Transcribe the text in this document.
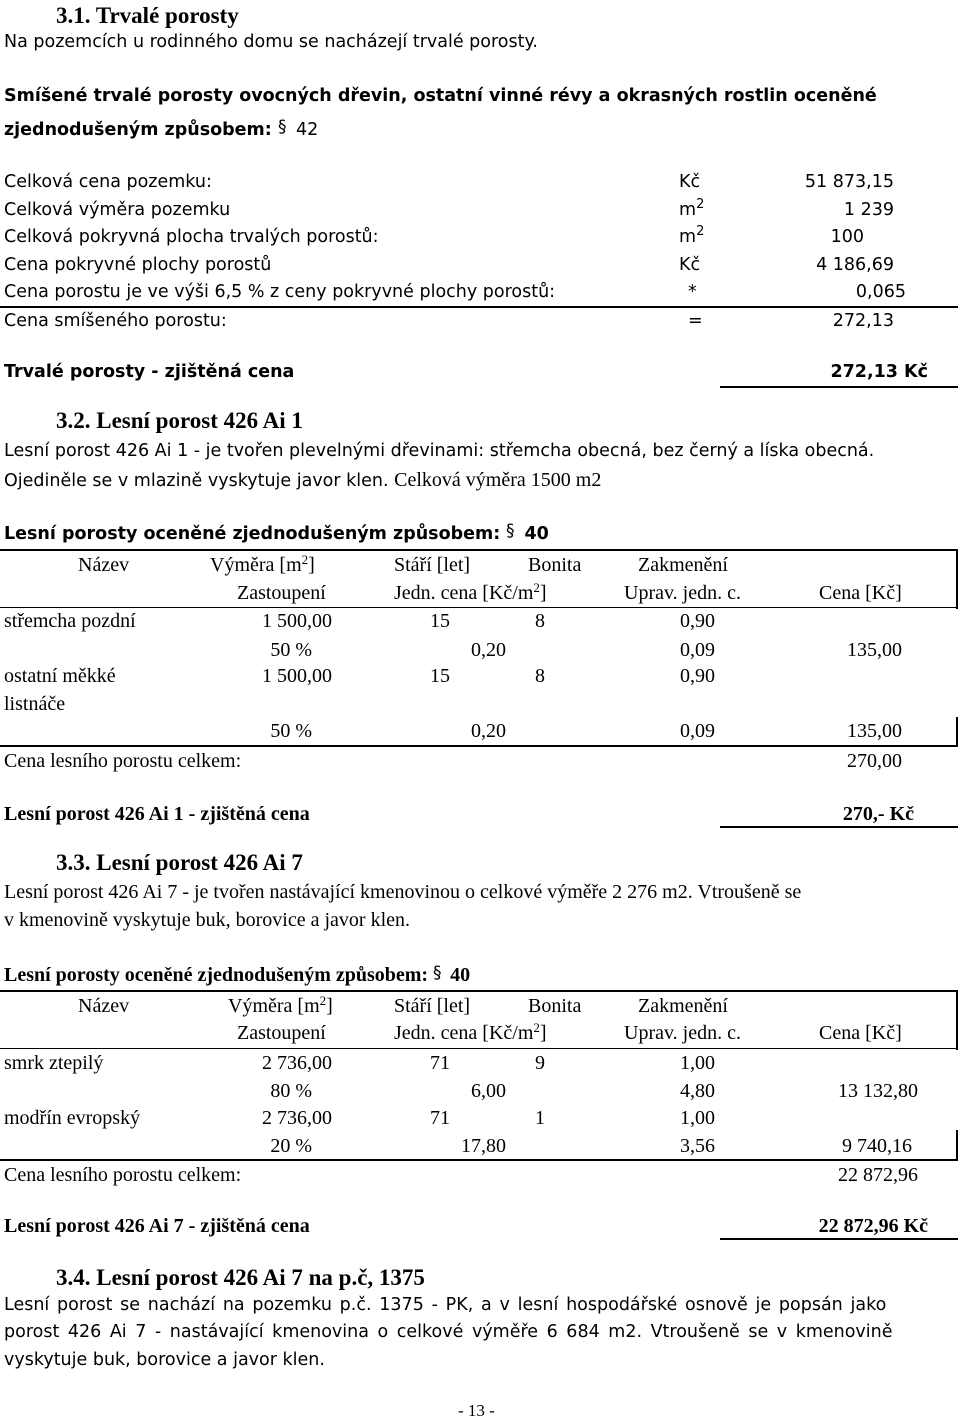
3.1. Trvalé porosty
Na pozemcích u rodinného domu se nacházejí trvalé porosty.
Smíšené trvalé porosty ovocných dřevin, ostatní vinné révy a okrasných rostlin oceněné
zjednodušeným způsobem: § 42
Celková cena pozemku:	Kč	51 873,15
Celková výměra pozemku	$m^2$	1 239
Celková pokryvná plocha trvalých porostů:	$m^2$	100
Cena pokryvné plochy porostů	Kč	4 186,69
Cena porostu je ve výši 6,5 % z ceny pokryvné plochy porostů:	*	0,065
Cena smíšeného porostu:	=	272,13
Trvalé porosty - zjištěná cena	272,13 Kč
3.2. Lesní porost 426 Ai 1
Lesní porost 426 Ai 1 - je tvořen plevelnými dřevinami: střemcha obecná, bez černý a líska obecná.
Ojediněle se v mlazině vyskytuje javor klen. Celková výměra 1500 m2
Lesní porosty oceněné zjednodušeným způsobem: § 40
Název	Výměra $[m^2]$	Stáří [let]	Bonita	Zakmenění
Zastoupení	Jedn. cena $[Kč/m^2]$	Uprav. jedn. c.	Cena [Kč]
střemcha pozdní	1 500,00	15	8	0,90
50 %	0,20	0,09	135,00
ostatní měkké
listnáče
1 500,00	15	8	0,90
50 %	0,20	0,09	135,00
Cena lesního porostu celkem:	270,00
Lesní porost 426 Ai 1 - zjištěná cena	270,- Kč
3.3. Lesní porost 426 Ai 7
Lesní porost 426 Ai 7 - je tvořen nastávající kmenovinou o celkové výměře 2 276 m2. Vtroušeně se
v kmenovině vyskytuje buk, borovice a javor klen.
Lesní porosty oceněné zjednodušeným způsobem: § 40
Název	Výměra $[m^2]$	Stáří [let]	Bonita	Zakmenění
Zastoupení	Jedn. cena $[Kč/m^2]$	Uprav. jedn. c.	Cena [Kč]
smrk ztepilý	2 736,00	71	9	1,00
80 %	6,00	4,80	13 132,80
modřín evropský	2 736,00	71	1	1,00
20 %	17,80	3,56	9 740,16
Cena lesního porostu celkem:	22 872,96
Lesní porost 426 Ai 7 - zjištěná cena	22 872,96 Kč
3.4. Lesní porost 426 Ai 7 na p.č, 1375
Lesní porost se nachází na pozemku p.č. 1375 - PK, a v lesní hospodářské osnově je popsán jako
porost 426 Ai 7 - nastávající kmenovina o celkové výměře 6 684 m2. Vtroušeně se v kmenovině
vyskytuje buk, borovice a javor klen.
- 13 -
